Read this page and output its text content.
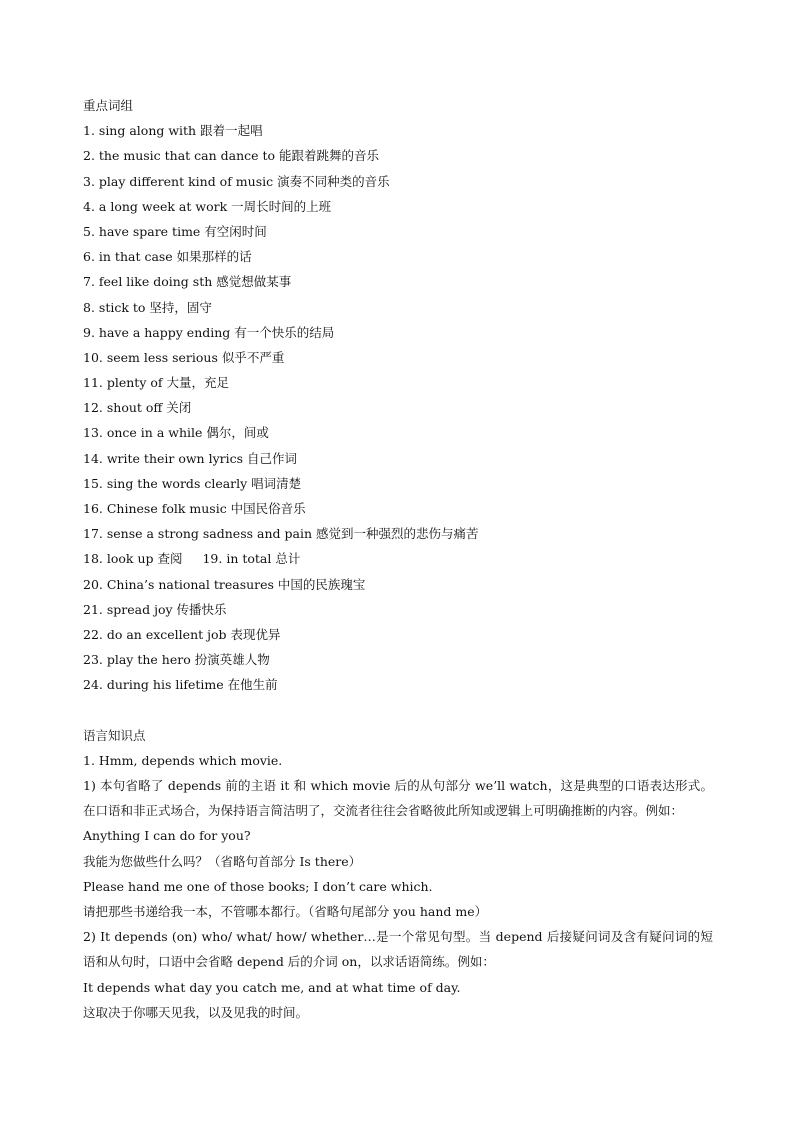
重点词组
1. sing along with 跟着一起唱
2. the music that can dance to 能跟着跳舞的音乐
3. play different kind of music 演奏不同种类的音乐
4. a long week at work 一周长时间的上班
5. have spare time 有空闲时间
6. in that case 如果那样的话
7. feel like doing sth 感觉想做某事
8. stick to 坚持，固守
9. have a happy ending 有一个快乐的结局
10. seem less serious 似乎不严重
11. plenty of 大量，充足
12. shout off 关闭
13. once in a while 偶尔，间或
14. write their own lyrics 自己作词
15. sing the words clearly 唱词清楚
16. Chinese folk music 中国民俗音乐
17. sense a strong sadness and pain 感觉到一种强烈的悲伤与痛苦
18. look up 查阅 19. in total 总计
20. China’s national treasures 中国的民族瑰宝
21. spread joy 传播快乐
22. do an excellent job 表现优异
23. play the hero 扮演英雄人物
24. during his lifetime 在他生前
语言知识点
1. Hmm, depends which movie.
1) 本句省略了 depends 前的主语 it 和 which movie 后的从句部分 we’ll watch，这是典型的口语表达形式。在口语和非正式场合，为保持语言简洁明了，交流者往往会省略彼此所知或逻辑上可明确推断的内容。例如：
Anything I can do for you?
我能为您做些什么吗？（省略句首部分 Is there）
Please hand me one of those books; I don’t care which.
请把那些书递给我一本，不管哪本都行。（省略句尾部分 you hand me）
2) It depends (on) who/ what/ how/ whether…是一个常见句型。当 depend 后接疑问词及含有疑问词的短语和从句时，口语中会省略 depend 后的介词 on，以求话语简练。例如：
It depends what day you catch me, and at what time of day.
这取决于你哪天见我，以及见我的时间。
